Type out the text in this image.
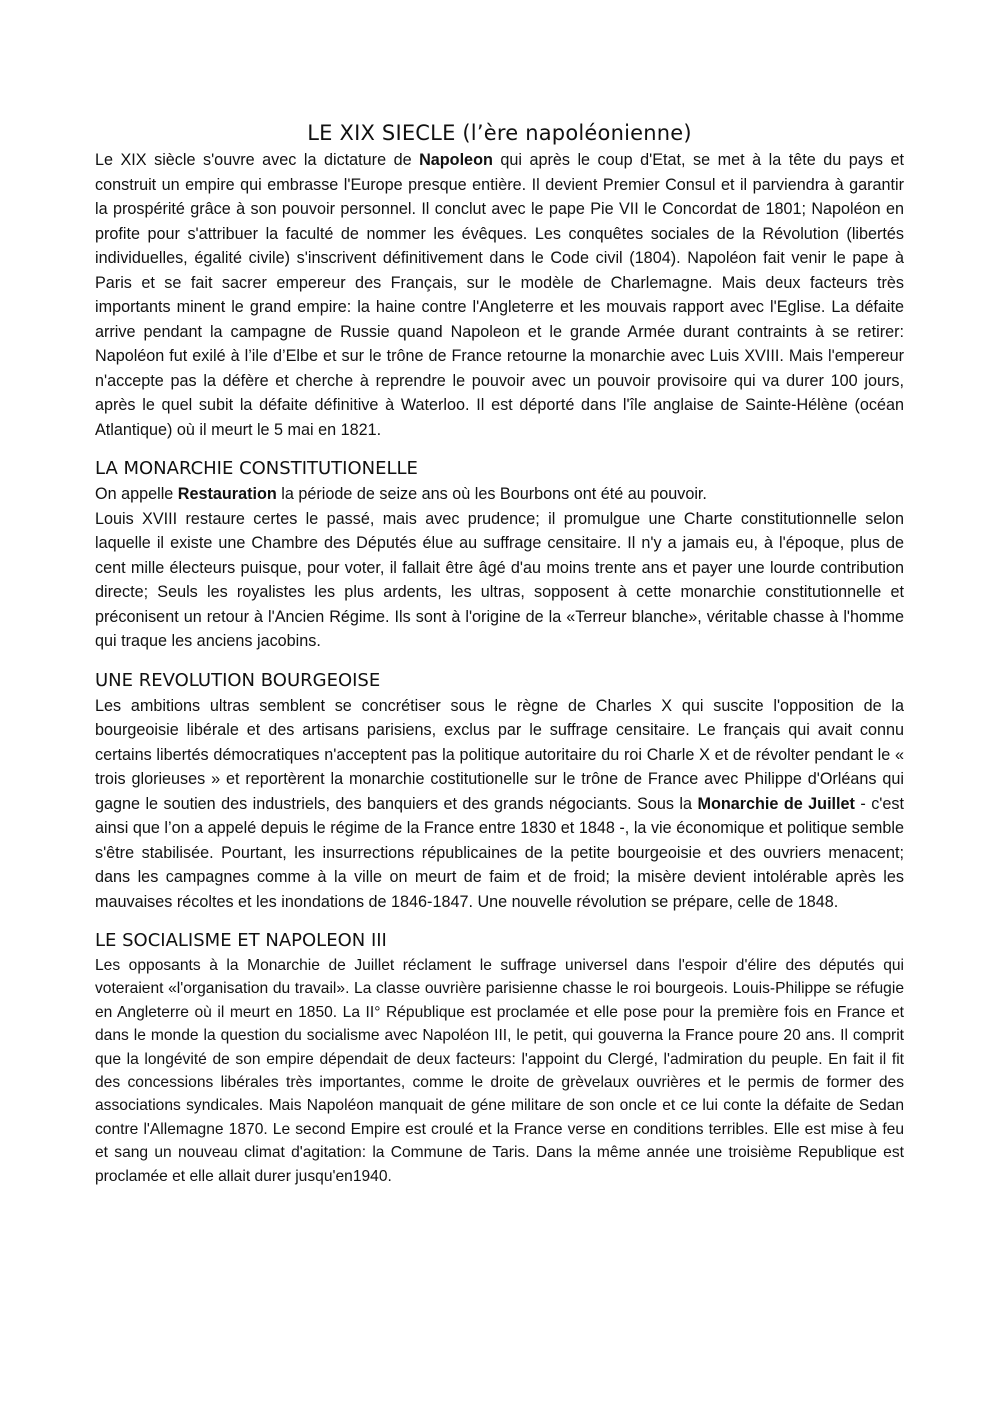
LE XIX SIECLE (l’ère napoléonienne)

Le XIX siècle s'ouvre avec la dictature de Napoleon qui après le coup d'Etat, se met à la tête du pays et construit un empire qui embrasse l'Europe presque entière. Il devient Premier Consul et il parviendra à garantir la prospérité grâce à son pouvoir personnel. Il conclut avec le pape Pie VII le Concordat de 1801; Napoléon en profite pour s'attribuer la faculté de nommer les évêques. Les conquêtes sociales de la Révolution (libertés individuelles, égalité civile) s'inscrivent définitivement dans le Code civil (1804). Napoléon fait venir le pape à Paris et se fait sacrer empereur des Français, sur le modèle de Charlemagne. Mais deux facteurs très importants minent le grand empire: la haine contre l'Angleterre et les mouvais rapport avec l'Eglise. La défaite arrive pendant la campagne de Russie quand Napoleon et le grande Armée durant contraints à se retirer: Napoléon fut exilé à l’ile d’Elbe et sur le trône de France retourne la monarchie avec Luis XVIII. Mais l'empereur n'accepte pas la défère et cherche à reprendre le pouvoir avec un pouvoir provisoire qui va durer 100 jours, après le quel subit la défaite définitive à Waterloo. Il est déporté dans l'île anglaise de Sainte-Hélène (océan Atlantique) où il meurt le 5 mai en 1821.

LA MONARCHIE CONSTITUTIONELLE

On appelle Restauration la période de seize ans où les Bourbons ont été au pouvoir.

Louis XVIII restaure certes le passé, mais avec prudence; il promulgue une Charte constitutionnelle selon laquelle il existe une Chambre des Députés élue au suffrage censitaire. Il n'y a jamais eu, à l'époque, plus de cent mille électeurs puisque, pour voter, il fallait être âgé d'au moins trente ans et payer une lourde contribution directe; Seuls les royalistes les plus ardents, les ultras, sopposent à cette monarchie constitutionnelle et préconisent un retour à l'Ancien Régime. Ils sont à l'origine de la «Terreur blanche», véritable chasse à l'homme qui traque les anciens jacobins.

UNE REVOLUTION BOURGEOISE

Les ambitions ultras semblent se concrétiser sous le règne de Charles X qui suscite l'opposition de la bourgeoisie libérale et des artisans parisiens, exclus par le suffrage censitaire. Le français qui avait connu certains libertés démocratiques n'acceptent pas la politique autoritaire du roi Charle X et de révolter pendant le « trois glorieuses » et reportèrent la monarchie costitutionelle sur le trône de France avec Philippe d'Orléans qui gagne le soutien des industriels, des banquiers et des grands négociants. Sous la Monarchie de Juillet - c'est ainsi que l’on a appelé depuis le régime de la France entre 1830 et 1848 -, la vie économique et politique semble s'être stabilisée. Pourtant, les insurrections républicaines de la petite bourgeoisie et des ouvriers menacent; dans les campagnes comme à la ville on meurt de faim et de froid; la misère devient intolérable après les mauvaises récoltes et les inondations de 1846-1847. Une nouvelle révolution se prépare, celle de 1848.

LE SOCIALISME ET NAPOLEON III

Les opposants à la Monarchie de Juillet réclament le suffrage universel dans l'espoir d'élire des députés qui voteraient «l'organisation du travail». La classe ouvrière parisienne chasse le roi bourgeois. Louis-Philippe se réfugie en Angleterre où il meurt en 1850. La II° République est proclamée et elle pose pour la première fois en France et dans le monde la question du socialisme avec Napoléon III, le petit, qui gouverna la France poure 20 ans. Il comprit que la longévité de son empire dépendait de deux facteurs: l'appoint du Clergé, l'admiration du peuple. En fait il fit des concessions libérales très importantes, comme le droite de grèvelaux ouvrières et le permis de former des associations syndicales. Mais Napoléon manquait de géne militare de son oncle et ce lui conte la défaite de Sedan contre l'Allemagne 1870. Le second Empire est croulé et la France verse en conditions terribles. Elle est mise à feu et sang un nouveau climat d'agitation: la Commune de Taris. Dans la même année une troisième Republique est proclamée et elle allait durer jusqu'en1940.
